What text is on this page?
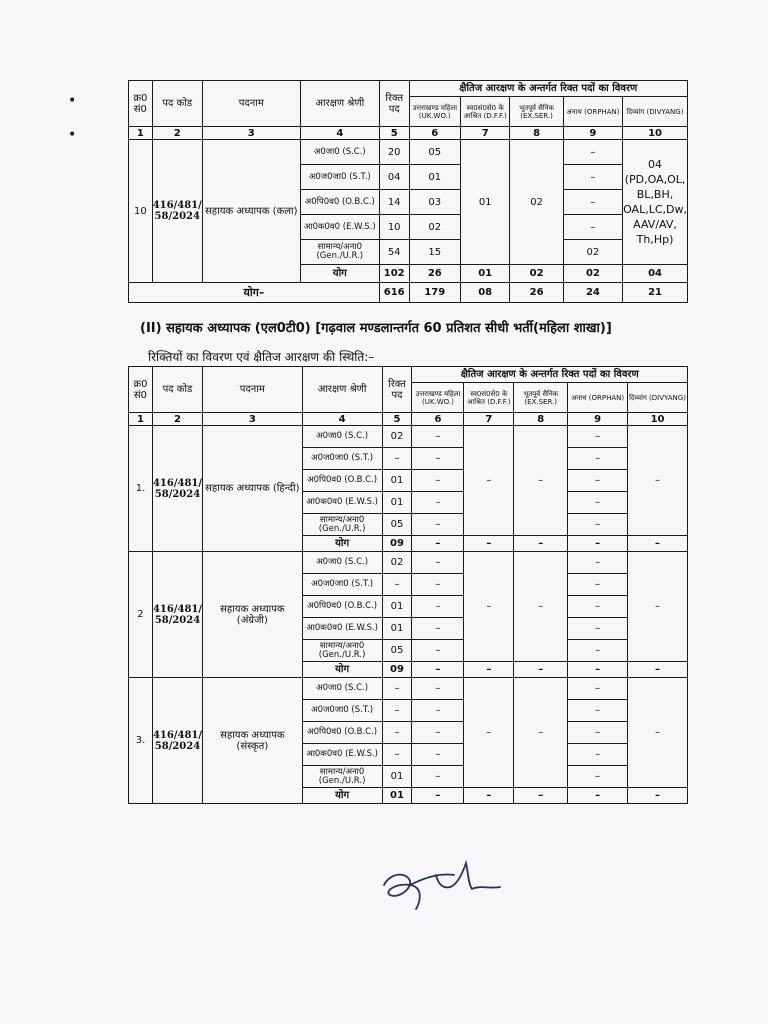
•
•
क्र0 सं0	पद कोड	पदनाम	आरक्षण श्रेणी	रिक्त पद	क्षैतिज आरक्षण के अन्तर्गत रिक्त पदों का विवरण				
					उत्तराखण्ड महिला (UK.WO.)	स्व0सं0से0 के आश्रित (D.F.F.)	भूतपूर्व सैनिक (EX.SER.)	अनाथ (ORPHAN)	दिव्यांग (DIVYANG)
1	2	3	4	5	6	7	8	9	10
10	416/481/ 58/2024	सहायक अध्यापक (कला)	अ0जा0 (S.C.)	20	05	01	02	–	04 (PD,OA,OL, BL,BH, OAL,LC,Dw, AAV/AV, Th,Hp)
			अ0ज0जा0 (S.T.)	04	01			–	
			अ0पि0व0 (O.B.C.)	14	03			–	
			आ0क0व0 (E.W.S.)	10	02			–	
			सामान्य/अना0 (Gen./U.R.)	54	15			02	
			योग	102	26	01	02	02	04
योग–				616	179	08	26	24	21
(II) सहायक अध्यापक (एल0टी0) [गढ़वाल मण्डलान्तर्गत 60 प्रतिशत सीधी भर्ती(महिला शाखा)]
रिक्तियों का विवरण एवं क्षैतिज आरक्षण की स्थिति:–
क्र0 सं0	पद कोड	पदनाम	आरक्षण श्रेणी	रिक्त पद	क्षैतिज आरक्षण के अन्तर्गत रिक्त पदों का विवरण				
					उत्तराखण्ड महिला (UK.WO.)	स्व0सं0से0 के आश्रित (D.F.F.)	भूतपूर्व सैनिक (EX.SER.)	अनाथ (ORPHAN)	दिव्यांग (DIVYANG)
1	2	3	4	5	6	7	8	9	10
1.	416/481/ 58/2024	सहायक अध्यापक (हिन्दी)	अ0जा0 (S.C.)	02	–	–	–	–	–
			अ0ज0जा0 (S.T.)	–	–			–	
			अ0पि0व0 (O.B.C.)	01	–			–	
			आ0क0व0 (E.W.S.)	01	–			–	
			सामान्य/अना0 (Gen./U.R.)	05	–			–	
			योग	09	–	–	–	–	–
2	416/481/ 58/2024	सहायक अध्यापक (अंग्रेजी)	अ0जा0 (S.C.)	02	–	–	–	–	–
			अ0ज0जा0 (S.T.)	–	–			–	
			अ0पि0व0 (O.B.C.)	01	–			–	
			आ0क0व0 (E.W.S.)	01	–			–	
			सामान्य/अना0 (Gen./U.R.)	05	–			–	
			योग	09	–	–	–	–	–
3.	416/481/ 58/2024	सहायक अध्यापक (संस्कृत)	अ0जा0 (S.C.)	–	–	–	–	–	–
			अ0ज0जा0 (S.T.)	–	–			–	
			अ0पि0व0 (O.B.C.)	–	–			–	
			आ0क0व0 (E.W.S.)	–	–			–	
			सामान्य/अना0 (Gen./U.R.)	01	–			–	
			योग	01	–	–	–	–	–
